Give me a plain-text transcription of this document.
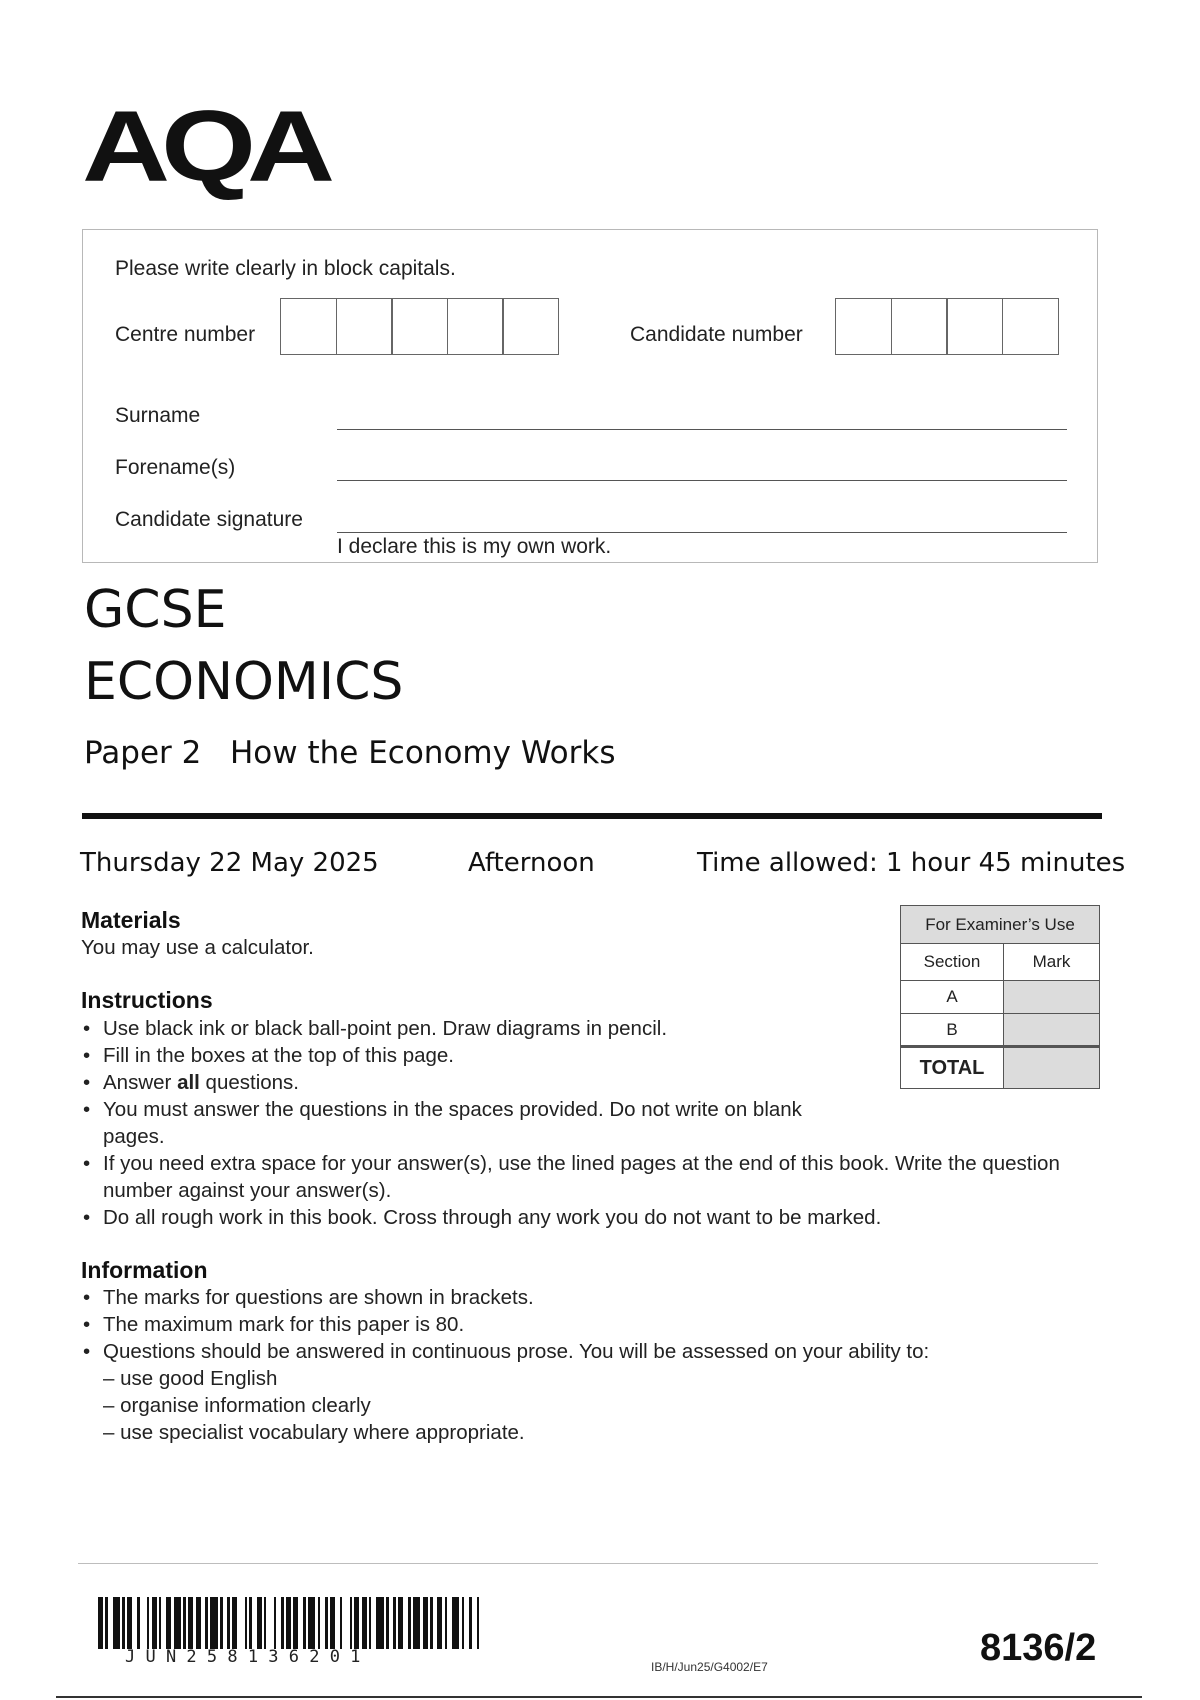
AQA
Please write clearly in block capitals.
Centre number	Candidate number
Surname
Forename(s)
Candidate signature
I declare this is my own work.
GCSE
ECONOMICS
Paper 2 How the Economy Works
Thursday 22 May 2025	Afternoon	Time allowed: 1 hour 45 minutes
Materials
You may use a calculator.
Instructions
• Use black ink or black ball-point pen. Draw diagrams in pencil.
• Fill in the boxes at the top of this page.
• Answer all questions.
• You must answer the questions in the spaces provided. Do not write on blank pages.
• If you need extra space for your answer(s), use the lined pages at the end of this book. Write the question number against your answer(s).
• Do all rough work in this book. Cross through any work you do not want to be marked.
Information
• The marks for questions are shown in brackets.
• The maximum mark for this paper is 80.
• Questions should be answered in continuous prose. You will be assessed on your ability to:
– use good English
– organise information clearly
– use specialist vocabulary where appropriate.
For Examiner’s Use	
Section	Mark
A	
B	
TOTAL	
J U N 2 5 8 1 3 6 2 0 1	IB/H/Jun25/G4002/E7	8136/2
